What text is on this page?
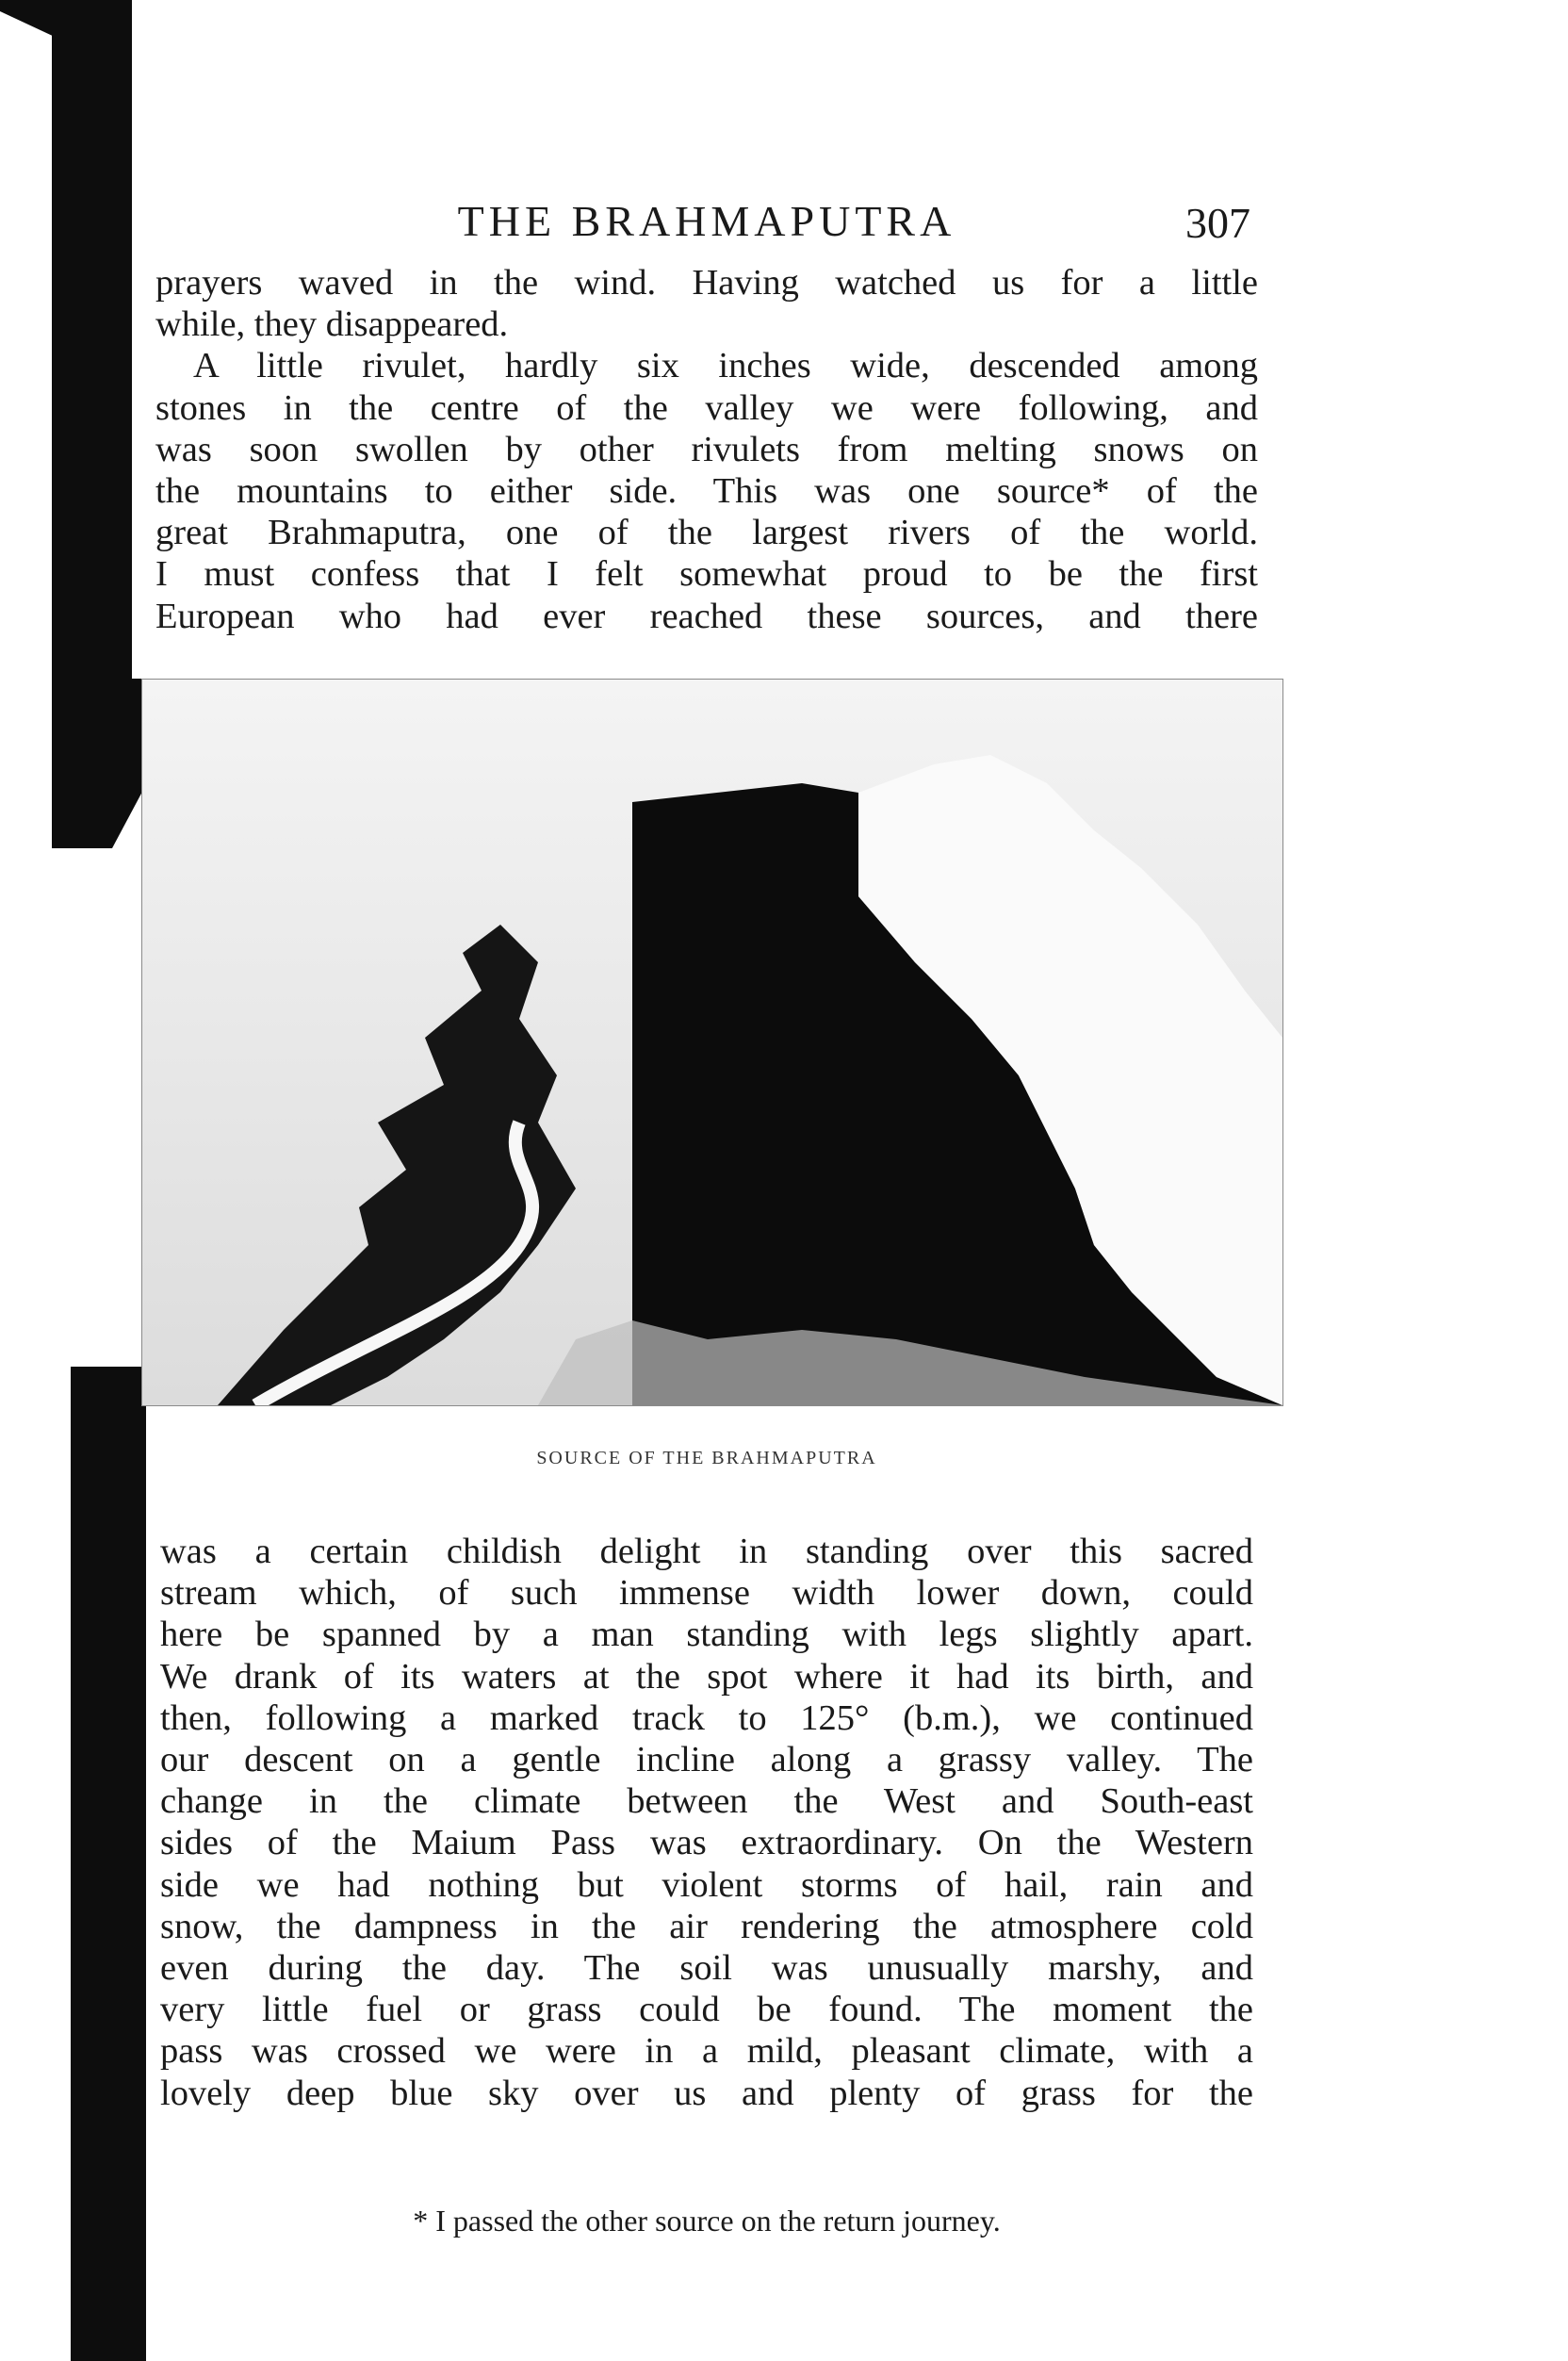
THE BRAHMAPUTRA	307
prayers waved in the wind. Having watched us for a little
while, they disappeared.
A little rivulet, hardly six inches wide, descended among
stones in the centre of the valley we were following, and
was soon swollen by other rivulets from melting snows on
the mountains to either side. This was one source* of the
great Brahmaputra, one of the largest rivers of the world.
I must confess that I felt somewhat proud to be the first
European who had ever reached these sources, and there
SOURCE OF THE BRAHMAPUTRA
was a certain childish delight in standing over this sacred
stream which, of such immense width lower down, could
here be spanned by a man standing with legs slightly apart.
We drank of its waters at the spot where it had its birth, and
then, following a marked track to 125° (b.m.), we continued
our descent on a gentle incline along a grassy valley. The
change in the climate between the West and South-east
sides of the Maium Pass was extraordinary. On the Western
side we had nothing but violent storms of hail, rain and
snow, the dampness in the air rendering the atmosphere cold
even during the day. The soil was unusually marshy, and
very little fuel or grass could be found. The moment the
pass was crossed we were in a mild, pleasant climate, with a
lovely deep blue sky over us and plenty of grass for the
* I passed the other source on the return journey.
